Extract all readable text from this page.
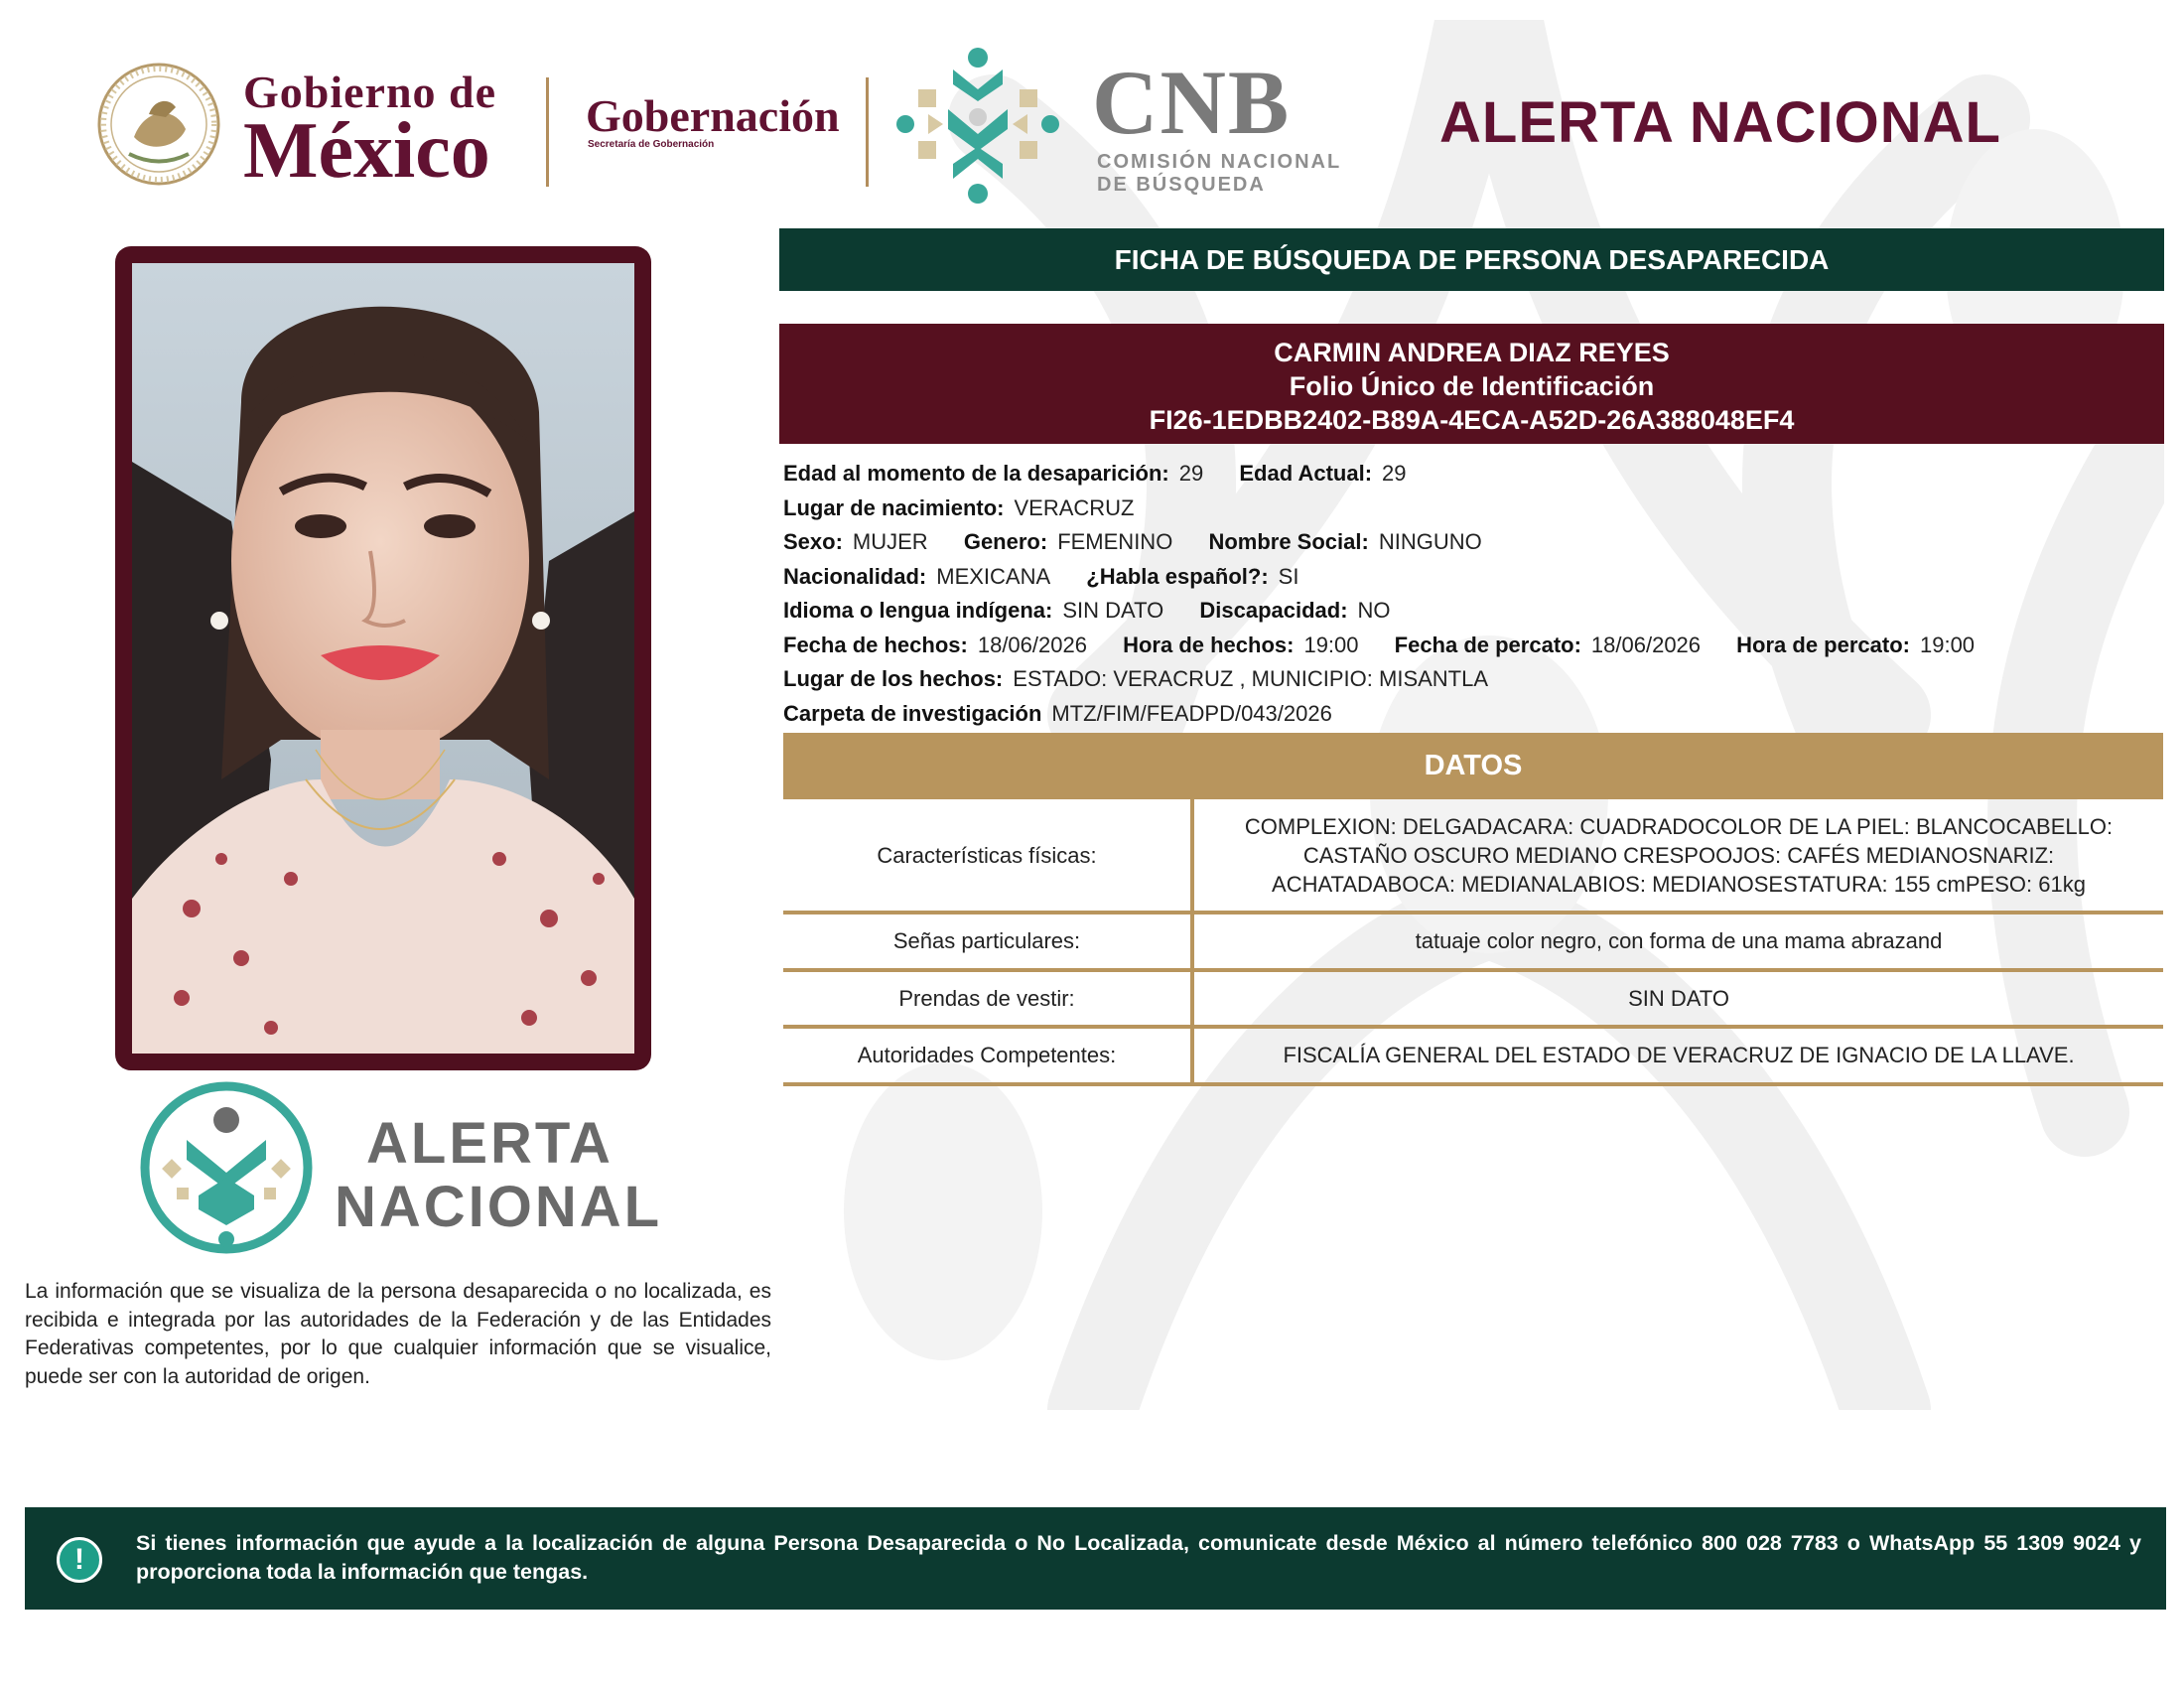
Gobierno de
México Gobernación
Secretaría de Gobernación	CNB
COMISIÓN NACIONAL
DE BÚSQUEDA
ALERTA NACIONAL
ALERTA
NACIONAL
La información que se visualiza de la persona desaparecida o no localizada, es recibida e integrada por las autoridades de la Federación y de las Entidades Federativas competentes, por lo que cualquier información que se visualice, puede ser con la autoridad de origen.
FICHA DE BÚSQUEDA DE PERSONA DESAPARECIDA
CARMIN ANDREA DIAZ REYES
Folio Único de Identificación
FI26-1EDBB2402-B89A-4ECA-A52D-26A388048EF4
Edad al momento de la desaparición: 29 Edad Actual: 29
Lugar de nacimiento: VERACRUZ
Sexo: MUJER Genero: FEMENINO Nombre Social: NINGUNO
Nacionalidad: MEXICANA ¿Habla español?: SI
Idioma o lengua indígena: SIN DATO Discapacidad: NO
Fecha de hechos: 18/06/2026 Hora de hechos: 19:00 Fecha de percato: 18/06/2026 Hora de percato: 19:00
Lugar de los hechos: ESTADO: VERACRUZ , MUNICIPIO: MISANTLA
Carpeta de investigación MTZ/FIM/FEADPD/043/2026
DATOS
Características físicas:	COMPLEXION: DELGADACARA: CUADRADOCOLOR DE LA PIEL: BLANCOCABELLO:
CASTAÑO OSCURO MEDIANO CRESPOOJOS: CAFÉS MEDIANOSNARIZ:
ACHATADABOCA: MEDIANALABIOS: MEDIANOSESTATURA: 155 cmPESO: 61kg

Señas particulares:	tatuaje color negro, con forma de una mama abrazand
Prendas de vestir:	SIN DATO
Autoridades Competentes:	FISCALÍA GENERAL DEL ESTADO DE VERACRUZ DE IGNACIO DE LA LLAVE.
!	Si tienes información que ayude a la localización de alguna Persona Desaparecida o No Localizada, comunicate desde México al número telefónico 800 028 7783 o WhatsApp 55 1309 9024 y proporciona toda la información que tengas.
